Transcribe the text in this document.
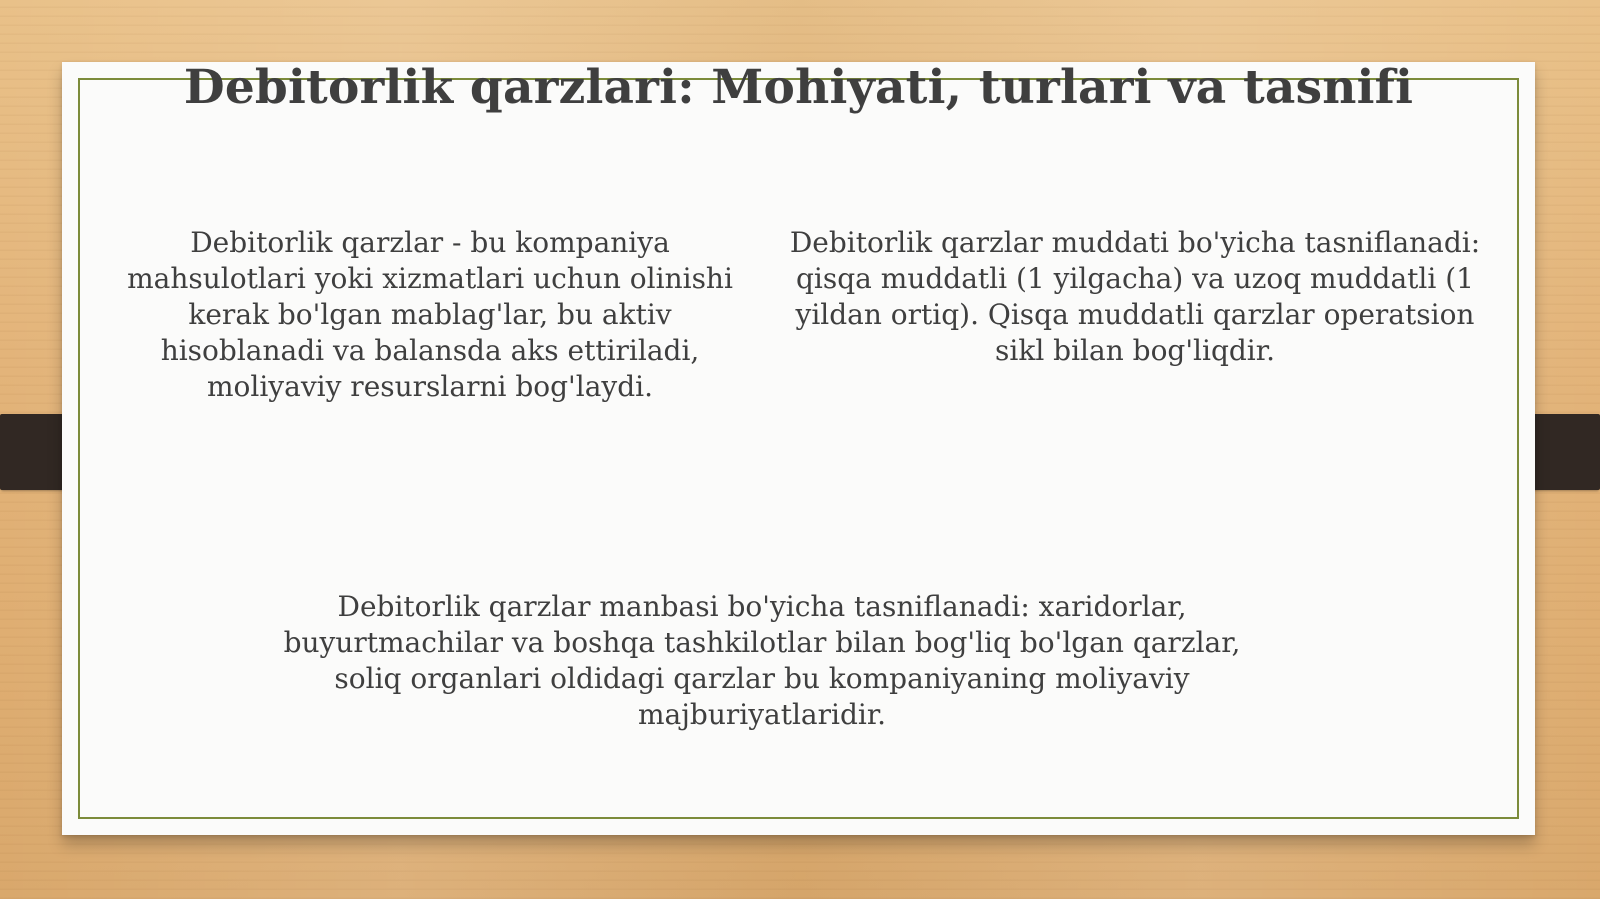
Debitorlik qarzlari: Mohiyati, turlari va tasnifi

Debitorlik qarzlar - bu kompaniya mahsulotlari yoki xizmatlari uchun olinishi kerak bo'lgan mablag'lar, bu aktiv hisoblanadi va balansda aks ettiriladi, moliyaviy resurslarni bog'laydi.

Debitorlik qarzlar muddati bo'yicha tasniflanadi: qisqa muddatli (1 yilgacha) va uzoq muddatli (1 yildan ortiq). Qisqa muddatli qarzlar operatsion sikl bilan bog'liqdir.

Debitorlik qarzlar manbasi bo'yicha tasniflanadi: xaridorlar, buyurtmachilar va boshqa tashkilotlar bilan bog'liq bo'lgan qarzlar, soliq organlari oldidagi qarzlar bu kompaniyaning moliyaviy majburiyatlaridir.
